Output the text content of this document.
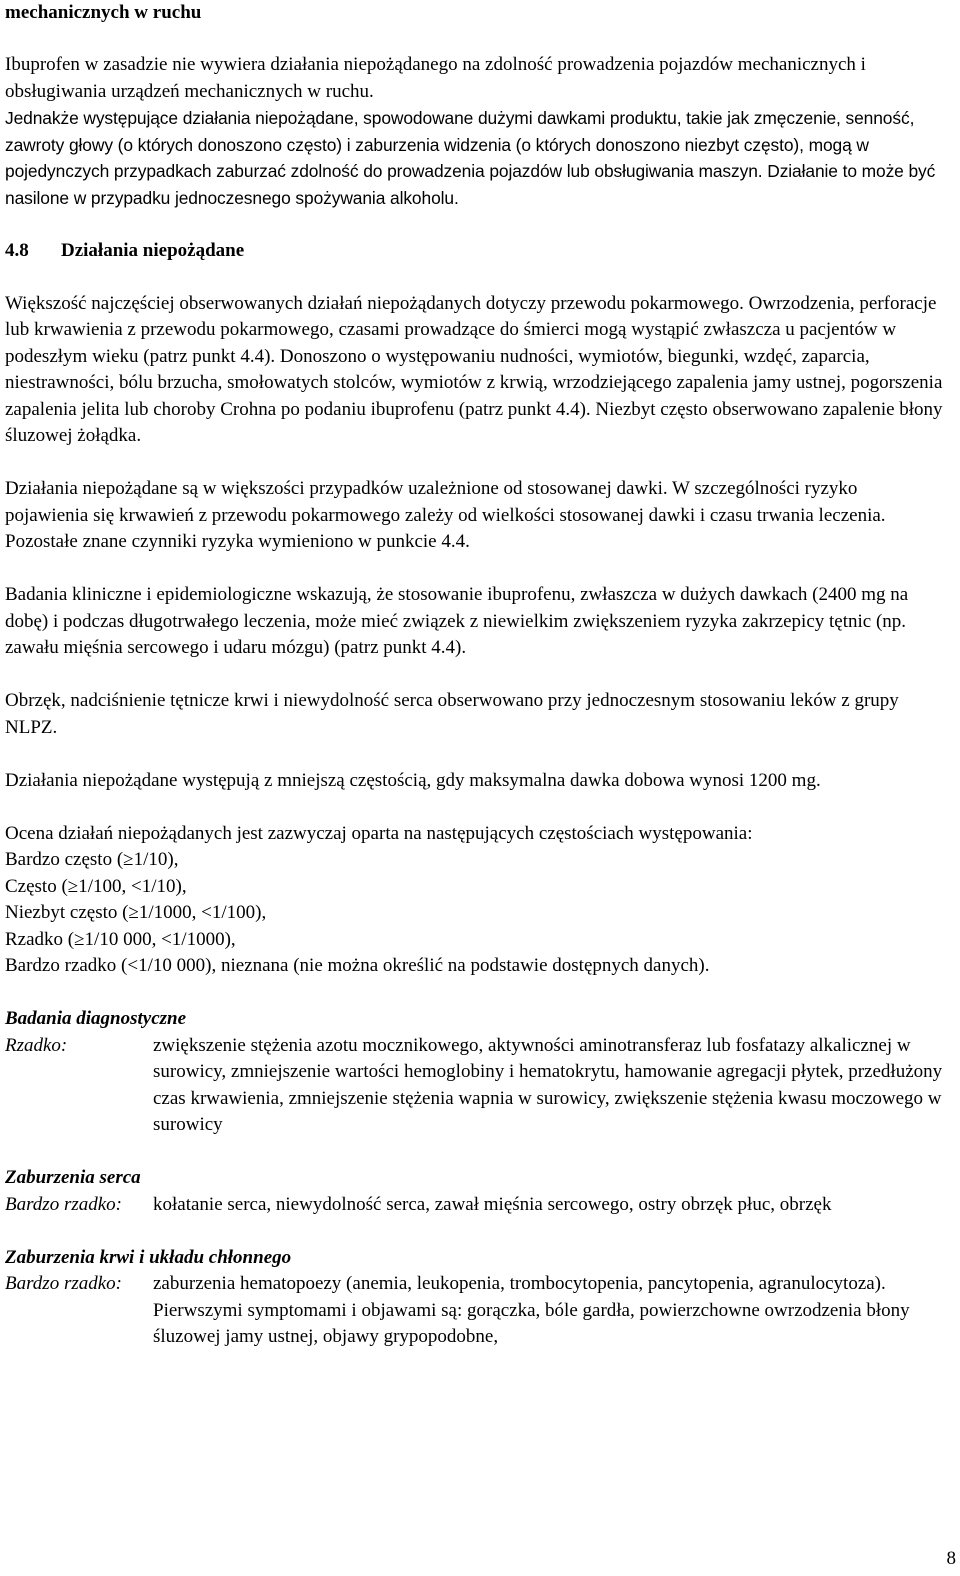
mechanicznych w ruchu

Ibuprofen w zasadzie nie wywiera działania niepożądanego na zdolność prowadzenia pojazdów mechanicznych i obsługiwania urządzeń mechanicznych w ruchu.

Jednakże występujące działania niepożądane, spowodowane dużymi dawkami produktu, takie jak zmęczenie, senność, zawroty głowy (o których donoszono często) i zaburzenia widzenia (o których donoszono niezbyt często), mogą w pojedynczych przypadkach zaburzać zdolność do prowadzenia pojazdów lub obsługiwania maszyn. Działanie to może być nasilone w przypadku jednoczesnego spożywania alkoholu.

4.8	Działania niepożądane

Większość najczęściej obserwowanych działań niepożądanych dotyczy przewodu pokarmowego. Owrzodzenia, perforacje lub krwawienia z przewodu pokarmowego, czasami prowadzące do śmierci mogą wystąpić zwłaszcza u pacjentów w podeszłym wieku (patrz punkt 4.4). Donoszono o występowaniu nudności, wymiotów, biegunki, wzdęć, zaparcia, niestrawności, bólu brzucha, smołowatych stolców, wymiotów z krwią, wrzodziejącego zapalenia jamy ustnej, pogorszenia zapalenia jelita lub choroby Crohna po podaniu ibuprofenu (patrz punkt 4.4). Niezbyt często obserwowano zapalenie błony śluzowej żołądka.

Działania niepożądane są w większości przypadków uzależnione od stosowanej dawki. W szczególności ryzyko pojawienia się krwawień z przewodu pokarmowego zależy od wielkości stosowanej dawki i czasu trwania leczenia. Pozostałe znane czynniki ryzyka wymieniono w punkcie 4.4.

Badania kliniczne i epidemiologiczne wskazują, że stosowanie ibuprofenu, zwłaszcza w dużych dawkach (2400 mg na dobę) i podczas długotrwałego leczenia, może mieć związek z niewielkim zwiększeniem ryzyka zakrzepicy tętnic (np. zawału mięśnia sercowego i udaru mózgu) (patrz punkt 4.4).

Obrzęk, nadciśnienie tętnicze krwi i niewydolność serca obserwowano przy jednoczesnym stosowaniu leków z grupy NLPZ.

Działania niepożądane występują z mniejszą częstością, gdy maksymalna dawka dobowa wynosi 1200 mg.

Ocena działań niepożądanych jest zazwyczaj oparta na następujących częstościach występowania:

Bardzo często (≥1/10),

Często (≥1/100, <1/10),

Niezbyt często (≥1/1000, <1/100),

Rzadko (≥1/10 000, <1/1000),

Bardzo rzadko (<1/10 000), nieznana (nie można określić na podstawie dostępnych danych).

Badania diagnostyczne

Rzadko:	zwiększenie stężenia azotu mocznikowego, aktywności aminotransferaz lub fosfatazy alkalicznej w surowicy, zmniejszenie wartości hemoglobiny i hematokrytu, hamowanie agregacji płytek, przedłużony czas krwawienia, zmniejszenie stężenia wapnia w surowicy, zwiększenie stężenia kwasu moczowego w surowicy

Zaburzenia serca

Bardzo rzadko:	kołatanie serca, niewydolność serca, zawał mięśnia sercowego, ostry obrzęk płuc, obrzęk

Zaburzenia krwi i układu chłonnego

Bardzo rzadko:	zaburzenia hematopoezy (anemia, leukopenia, trombocytopenia, pancytopenia, agranulocytoza). Pierwszymi symptomami i objawami są: gorączka, bóle gardła, powierzchowne owrzodzenia błony śluzowej jamy ustnej, objawy grypopodobne,
8
